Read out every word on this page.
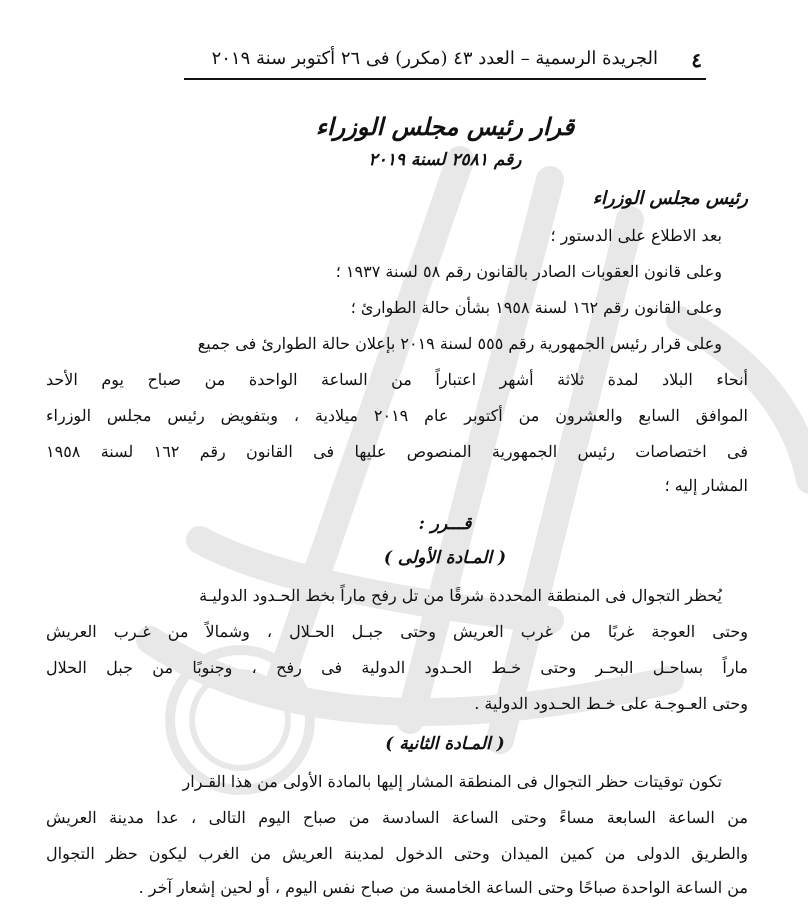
٤
الجريدة الرسمية – العدد ٤٣ (مكرر) فى ٢٦ أكتوبر سنة ٢٠١٩
قرار رئيس مجلس الوزراء
رقم ٢٥٨١ لسنة ٢٠١٩
رئيس مجلس الوزراء
بعد الاطلاع على الدستور ؛
وعلى قانون العقوبات الصادر بالقانون رقم ٥٨ لسنة ١٩٣٧ ؛
وعلى القانون رقم ١٦٢ لسنة ١٩٥٨ بشأن حالة الطوارئ ؛
وعلى قرار رئيس الجمهورية رقم ٥٥٥ لسنة ٢٠١٩ بإعلان حالة الطوارئ فى جميع
أنحاء البلاد لمدة ثلاثة أشهر اعتباراً من الساعة الواحدة من صباح يوم الأحد
الموافق السابع والعشرون من أكتوبر عام ٢٠١٩ ميلادية ، وبتفويض رئيس مجلس الوزراء
فى اختصاصات رئيس الجمهورية المنصوص عليها فى القانون رقم ١٦٢ لسنة ١٩٥٨
المشار إليه ؛
قـــرر :
( المـادة الأولى )
يُحظر التجوال فى المنطقة المحددة شرقًا من تل رفح ماراً بخط الحـدود الدوليـة
وحتى العوجة غربًا من غرب العريش وحتى جبـل الحـلال ، وشمالاً من غـرب العريش
ماراً بساحـل البحـر وحتى خـط الحـدود الدولية فى رفح ، وجنوبًا من جبل الحلال
وحتى العـوجـة على خـط الحـدود الدولية .
( المـادة الثانية )
تكون توقيتات حظر التجوال فى المنطقة المشار إليها بالمادة الأولى من هذا القـرار
من الساعة السابعة مساءً وحتى الساعة السادسة من صباح اليوم التالى ، عدا مدينة العريش
والطريق الدولى من كمين الميدان وحتى الدخول لمدينة العريش من الغرب ليكون حظر التجوال
من الساعة الواحدة صباحًا وحتى الساعة الخامسة من صباح نفس اليوم ، أو لحين إشعار آخر .
